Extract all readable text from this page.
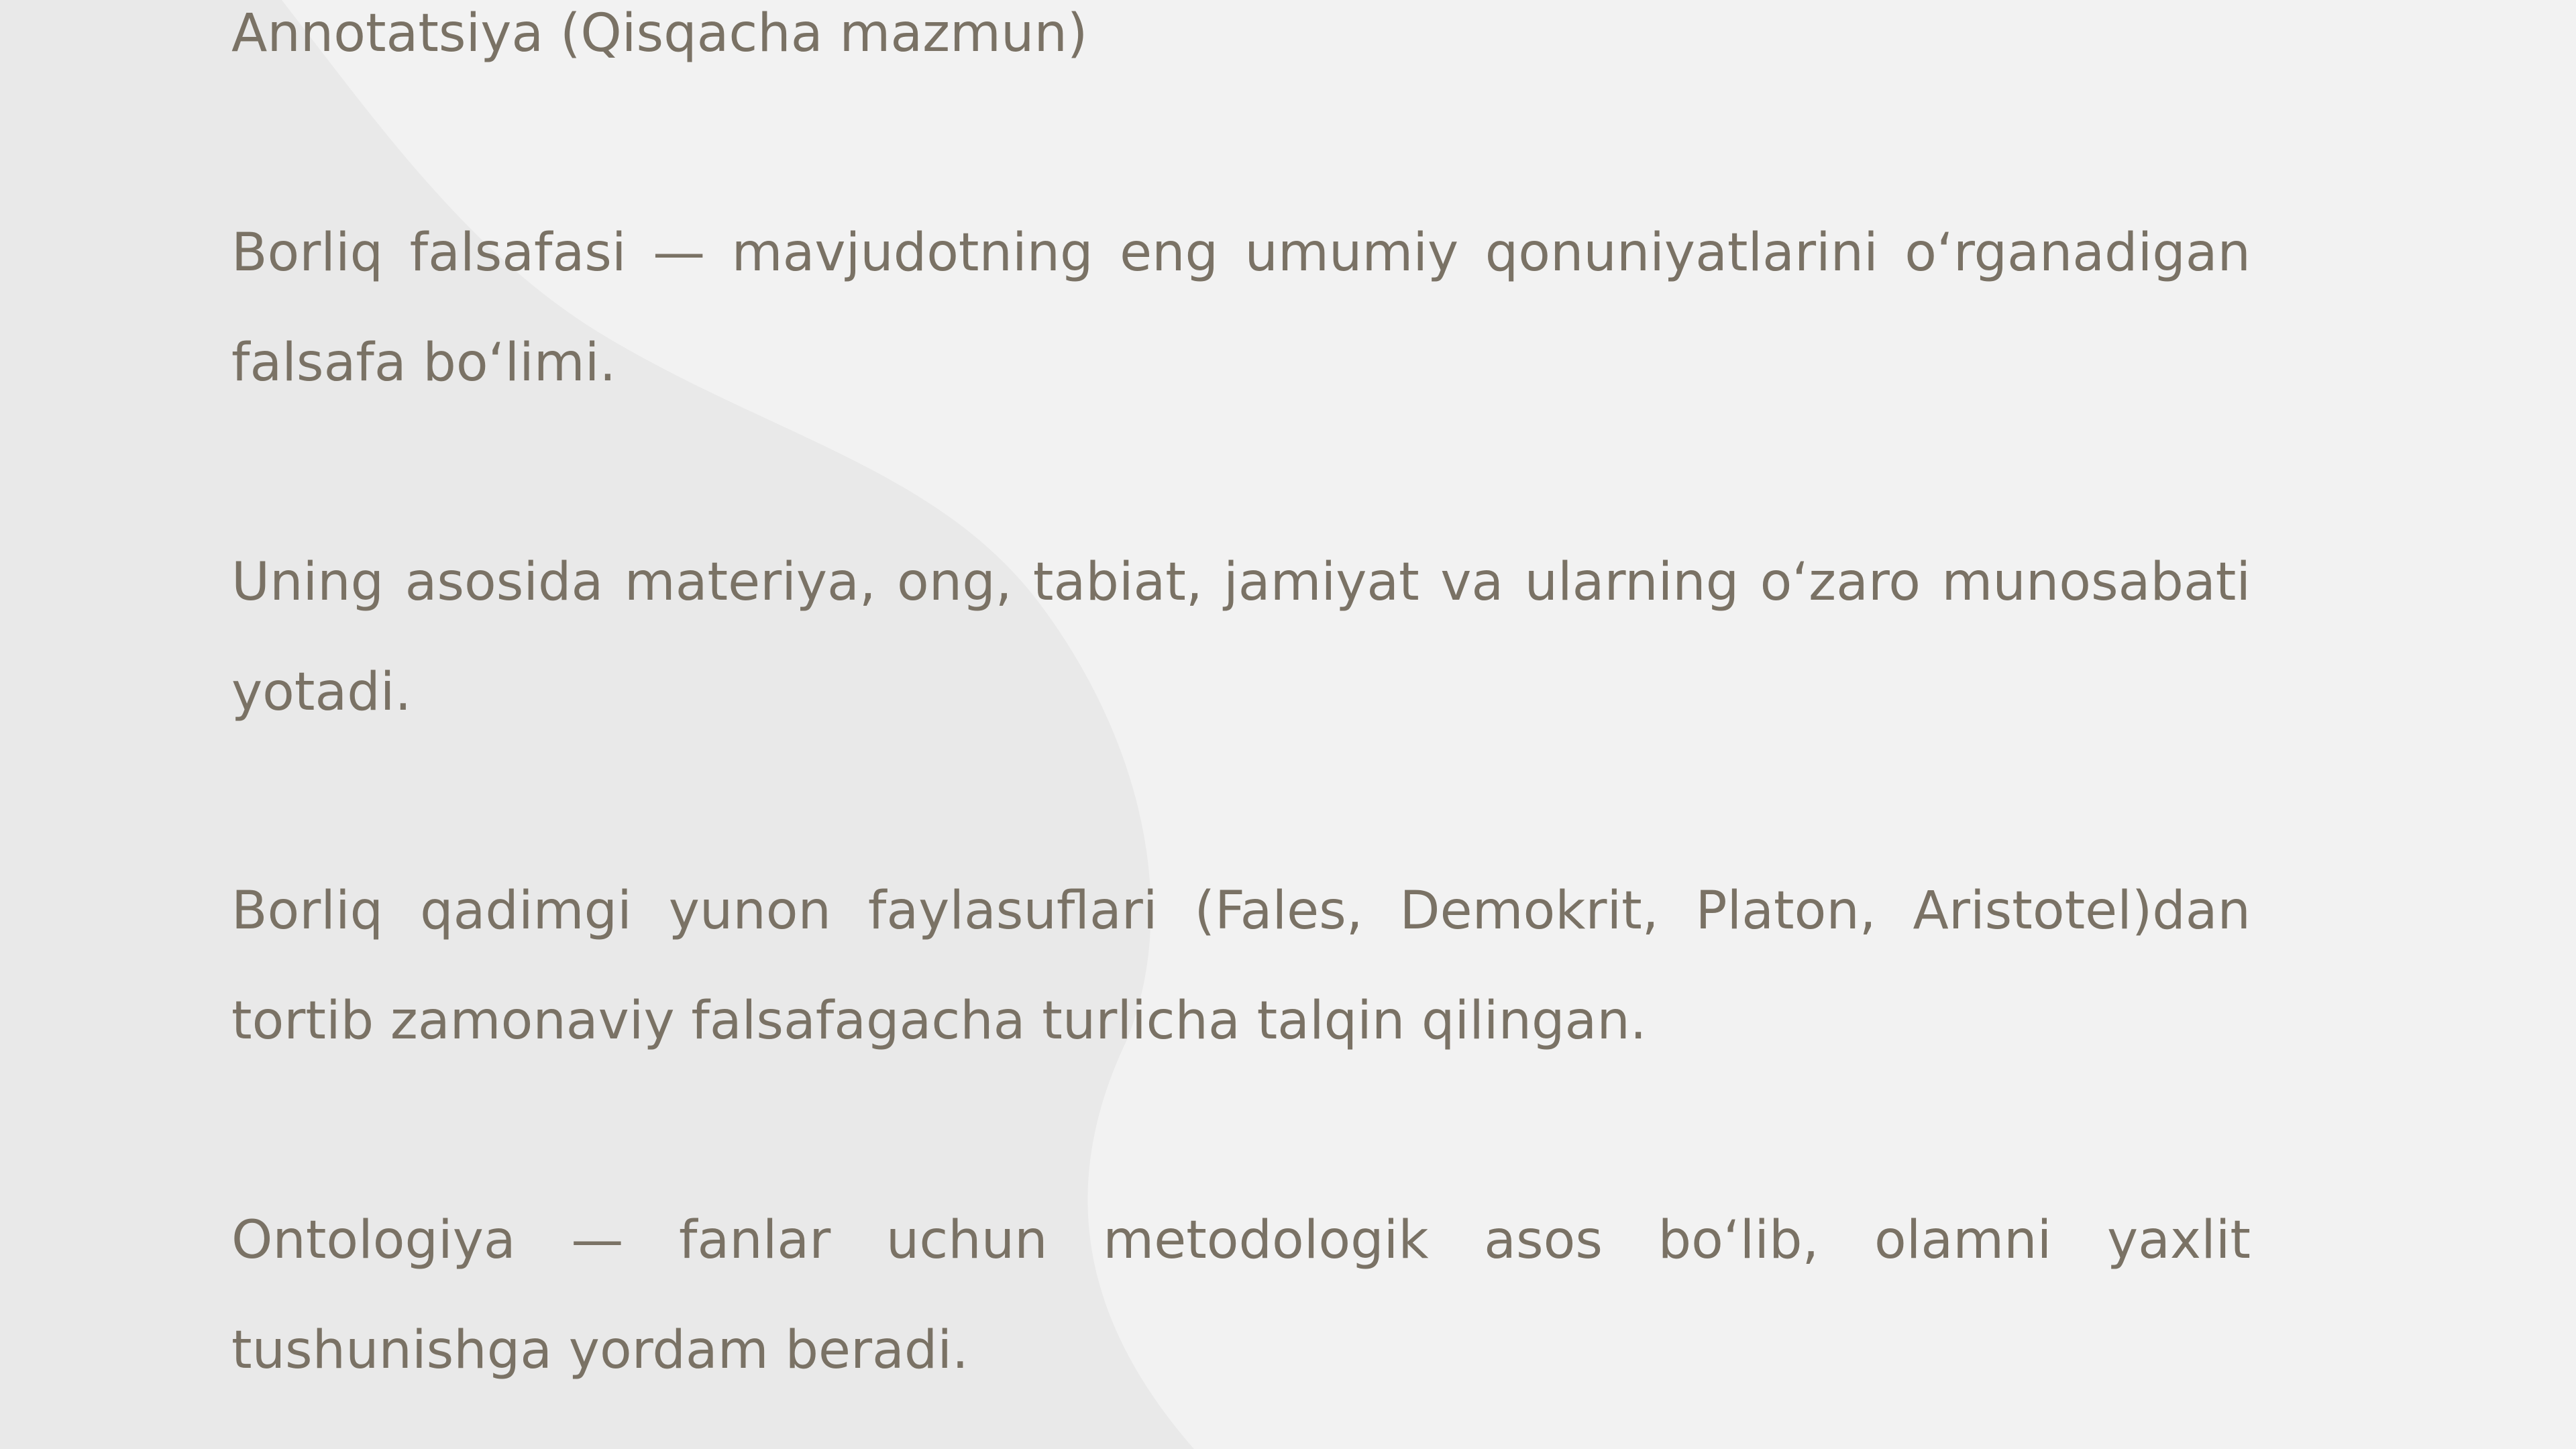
Annotatsiya (Qisqacha mazmun)

Borliq falsafasi — mavjudotning eng umumiy qonuniyatlarini o‘rganadigan falsafa bo‘limi.

Uning asosida materiya, ong, tabiat, jamiyat va ularning o‘zaro munosabati yotadi.

Borliq qadimgi yunon faylasuflari (Fales, Demokrit, Platon, Aristotel)dan tortib zamonaviy falsafagacha turlicha talqin qilingan.

Ontologiya — fanlar uchun metodologik asos bo‘lib, olamni yaxlit tushunishga yordam beradi.
